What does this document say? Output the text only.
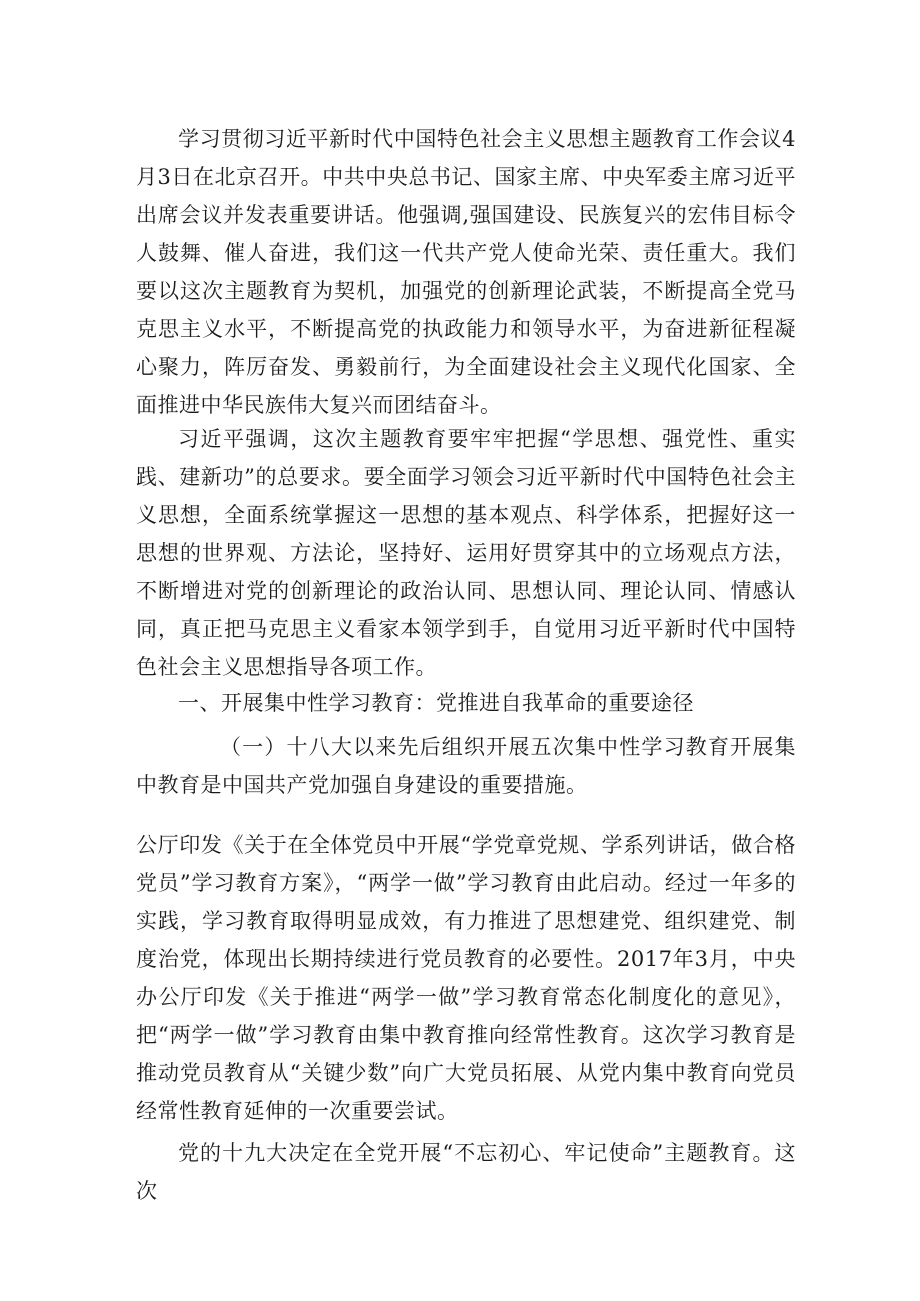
学习贯彻习近平新时代中国特色社会主义思想主题教育工作会议4月3日在北京召开。中共中央总书记、国家主席、中央军委主席习近平出席会议并发表重要讲话。他强调,强国建设、民族复兴的宏伟目标令人鼓舞、催人奋进，我们这一代共产党人使命光荣、责任重大。我们要以这次主题教育为契机，加强党的创新理论武装，不断提高全党马克思主义水平，不断提高党的执政能力和领导水平，为奋进新征程凝心聚力，阵厉奋发、勇毅前行，为全面建设社会主义现代化国家、全面推进中华民族伟大复兴而团结奋斗。

习近平强调，这次主题教育要牢牢把握“学思想、强党性、重实践、建新功”的总要求。要全面学习领会习近平新时代中国特色社会主义思想，全面系统掌握这一思想的基本观点、科学体系，把握好这一思想的世界观、方法论，坚持好、运用好贯穿其中的立场观点方法，不断增进对党的创新理论的政治认同、思想认同、理论认同、情感认同，真正把马克思主义看家本领学到手，自觉用习近平新时代中国特色社会主义思想指导各项工作。

一、开展集中性学习教育：党推进自我革命的重要途径

（一）十八大以来先后组织开展五次集中性学习教育开展集中教育是中国共产党加强自身建设的重要措施。

公厅印发《关于在全体党员中开展“学党章党规、学系列讲话，做合格党员”学习教育方案》，“两学一做”学习教育由此启动。经过一年多的实践，学习教育取得明显成效，有力推进了思想建党、组织建党、制度治党，体现出长期持续进行党员教育的必要性。2017年3月，中央办公厅印发《关于推进“两学一做”学习教育常态化制度化的意见》，把“两学一做”学习教育由集中教育推向经常性教育。这次学习教育是推动党员教育从“关键少数”向广大党员拓展、从党内集中教育向党员经常性教育延伸的一次重要尝试。

党的十九大决定在全党开展“不忘初心、牢记使命”主题教育。这次
